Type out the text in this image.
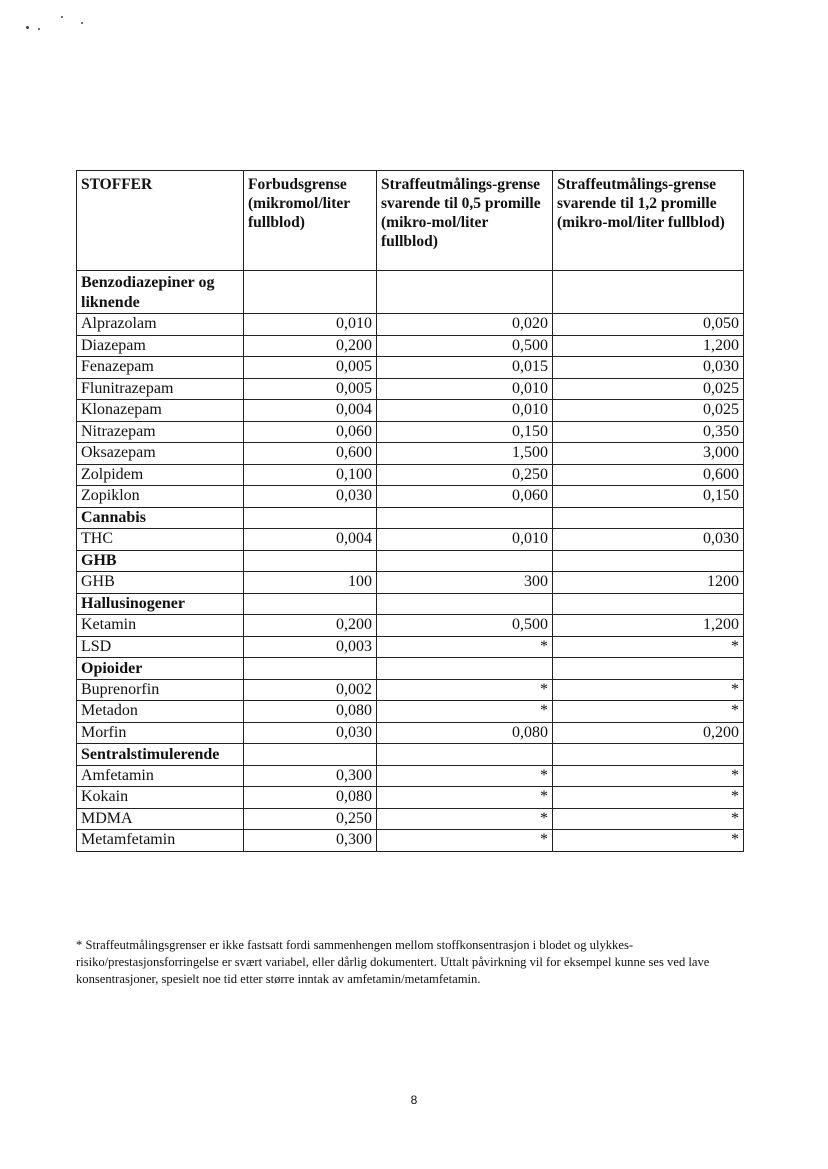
STOFFER	Forbudsgrense (mikromol/liter fullblod)	Straffeutmålings-grense svarende til 0,5 promille (mikro-mol/liter fullblod)	Straffeutmålings-grense svarende til 1,2 promille (mikro-mol/liter fullblod)
Benzodiazepiner og liknende			
Alprazolam	0,010	0,020	0,050
Diazepam	0,200	0,500	1,200
Fenazepam	0,005	0,015	0,030
Flunitrazepam	0,005	0,010	0,025
Klonazepam	0,004	0,010	0,025
Nitrazepam	0,060	0,150	0,350
Oksazepam	0,600	1,500	3,000
Zolpidem	0,100	0,250	0,600
Zopiklon	0,030	0,060	0,150
Cannabis			
THC	0,004	0,010	0,030
GHB			
GHB	100	300	1200
Hallusinogener			
Ketamin	0,200	0,500	1,200
LSD	0,003	*	*
Opioider			
Buprenorfin	0,002	*	*
Metadon	0,080	*	*
Morfin	0,030	0,080	0,200
Sentralstimulerende			
Amfetamin	0,300	*	*
Kokain	0,080	*	*
MDMA	0,250	*	*
Metamfetamin	0,300	*	*
* Straffeutmålingsgrenser er ikke fastsatt fordi sammenhengen mellom stoffkonsentrasjon i blodet og ulykkes-risiko/prestasjonsforringelse er svært variabel, eller dårlig dokumentert. Uttalt påvirkning vil for eksempel kunne ses ved lave konsentrasjoner, spesielt noe tid etter større inntak av amfetamin/metamfetamin.
8
